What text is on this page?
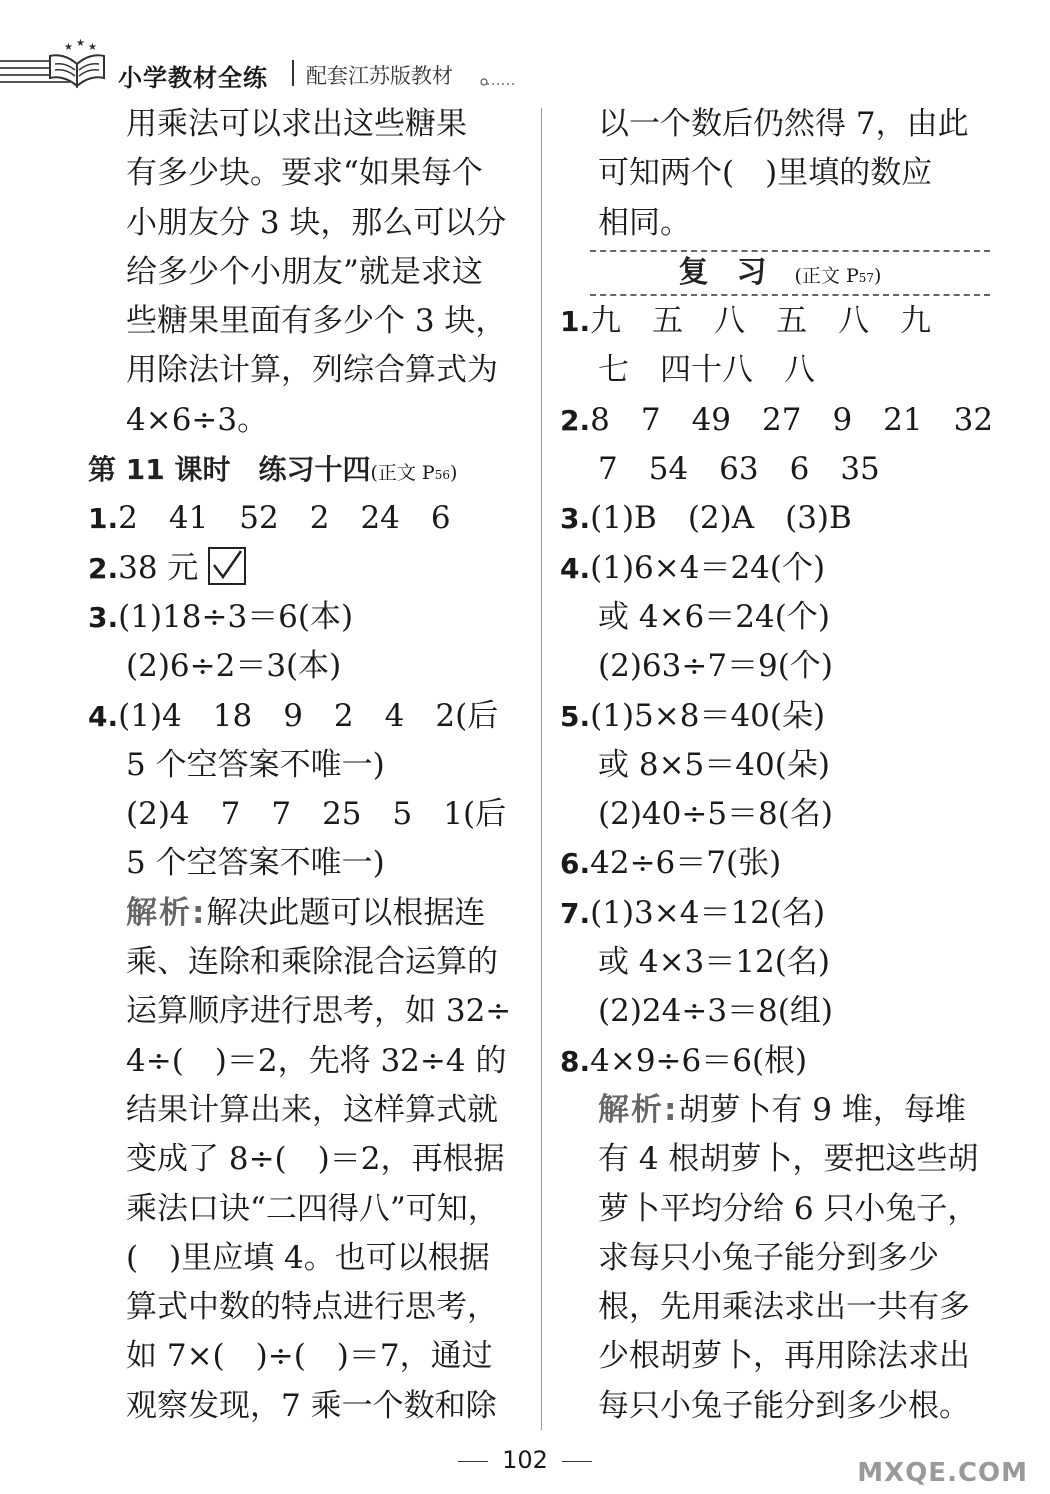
★ ★ ★
小学教材全练 配套江苏版教材
用乘法可以求出这些糖果
有多少块。要求“如果每个
小朋友分 3 块，那么可以分
给多少个小朋友”就是求这
些糖果里面有多少个 3 块，
用除法计算，列综合算式为
4×6÷3。
第 11 课时　练习十四(正文 P56)
1.2　41　52　2　24　6
2.38 元
3.(1)18÷3＝6(本)
(2)6÷2＝3(本)
4.(1)4　18　9　2　4　2(后
5 个空答案不唯一)
(2)4　7　7　25　5　1(后
5 个空答案不唯一)
解析:解决此题可以根据连
乘、连除和乘除混合运算的
运算顺序进行思考，如 32÷
4÷(　)＝2，先将 32÷4 的
结果计算出来，这样算式就
变成了 8÷(　)＝2，再根据
乘法口诀“二四得八”可知，
(　)里应填 4。也可以根据
算式中数的特点进行思考，
如 7×(　)÷(　)＝7，通过
观察发现，7 乘一个数和除
以一个数后仍然得 7，由此
可知两个(　)里填的数应
相同。
复习(正文 P57)
1.九　五　八　五　八　九
七　四十八　八
2.8　7　49　27　9　21　32
7　54　63　6　35
3.(1)B　(2)A　(3)B
4.(1)6×4＝24(个)
或 4×6＝24(个)
(2)63÷7＝9(个)
5.(1)5×8＝40(朵)
或 8×5＝40(朵)
(2)40÷5＝8(名)
6.42÷6＝7(张)
7.(1)3×4＝12(名)
或 4×3＝12(名)
(2)24÷3＝8(组)
8.4×9÷6＝6(根)
解析:胡萝卜有 9 堆，每堆
有 4 根胡萝卜，要把这些胡
萝卜平均分给 6 只小兔子，
求每只小兔子能分到多少
根，先用乘法求出一共有多
少根胡萝卜，再用除法求出
每只小兔子能分到多少根。
102	MXQE.COM
